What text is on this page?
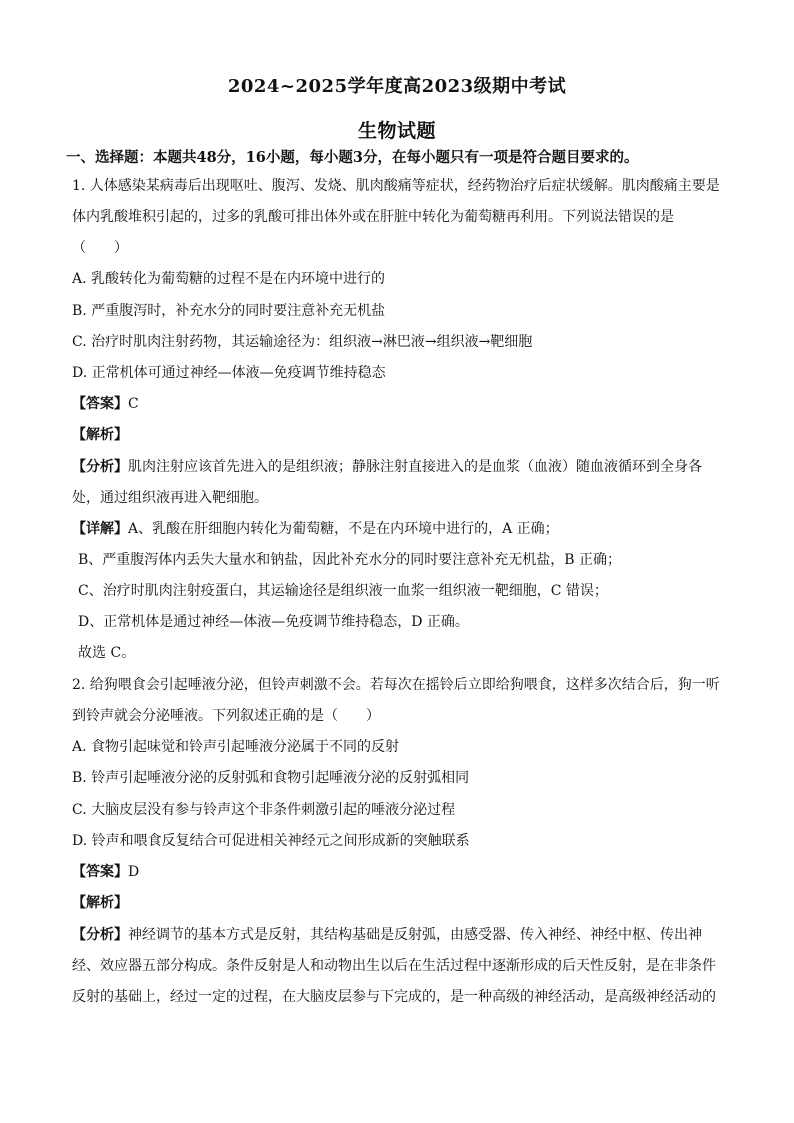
2024~2025学年度高2023级期中考试
生物试题
一、选择题：本题共48分，16小题，每小题3分，在每小题只有一项是符合题目要求的。
1. 人体感染某病毒后出现呕吐、腹泻、发烧、肌肉酸痛等症状，经药物治疗后症状缓解。肌肉酸痛主要是
体内乳酸堆积引起的，过多的乳酸可排出体外或在肝脏中转化为葡萄糖再利用。下列说法错误的是
（　　）
A. 乳酸转化为葡萄糖的过程不是在内环境中进行的
B. 严重腹泻时，补充水分的同时要注意补充无机盐
C. 治疗时肌肉注射药物，其运输途径为：组织液→淋巴液→组织液→靶细胞
D. 正常机体可通过神经—体液—免疫调节维持稳态
【答案】C
【解析】
【分析】肌肉注射应该首先进入的是组织液；静脉注射直接进入的是血浆（血液）随血液循环到全身各
处，通过组织液再进入靶细胞。
【详解】A、乳酸在肝细胞内转化为葡萄糖，不是在内环境中进行的，A 正确；
B、严重腹泻体内丢失大量水和钠盐，因此补充水分的同时要注意补充无机盐，B 正确；
C、治疗时肌肉注射疫蛋白，其运输途径是组织液一血浆一组织液一靶细胞，C 错误；
D、正常机体是通过神经—体液—免疫调节维持稳态，D 正确。
故选 C。
2. 给狗喂食会引起唾液分泌，但铃声刺激不会。若每次在摇铃后立即给狗喂食，这样多次结合后，狗一听
到铃声就会分泌唾液。下列叙述正确的是（　　）
A. 食物引起味觉和铃声引起唾液分泌属于不同的反射
B. 铃声引起唾液分泌的反射弧和食物引起唾液分泌的反射弧相同
C. 大脑皮层没有参与铃声这个非条件刺激引起的唾液分泌过程
D. 铃声和喂食反复结合可促进相关神经元之间形成新的突触联系
【答案】D
【解析】
【分析】神经调节的基本方式是反射，其结构基础是反射弧，由感受器、传入神经、神经中枢、传出神
经、效应器五部分构成。条件反射是人和动物出生以后在生活过程中逐渐形成的后天性反射，是在非条件
反射的基础上，经过一定的过程，在大脑皮层参与下完成的，是一种高级的神经活动，是高级神经活动的
